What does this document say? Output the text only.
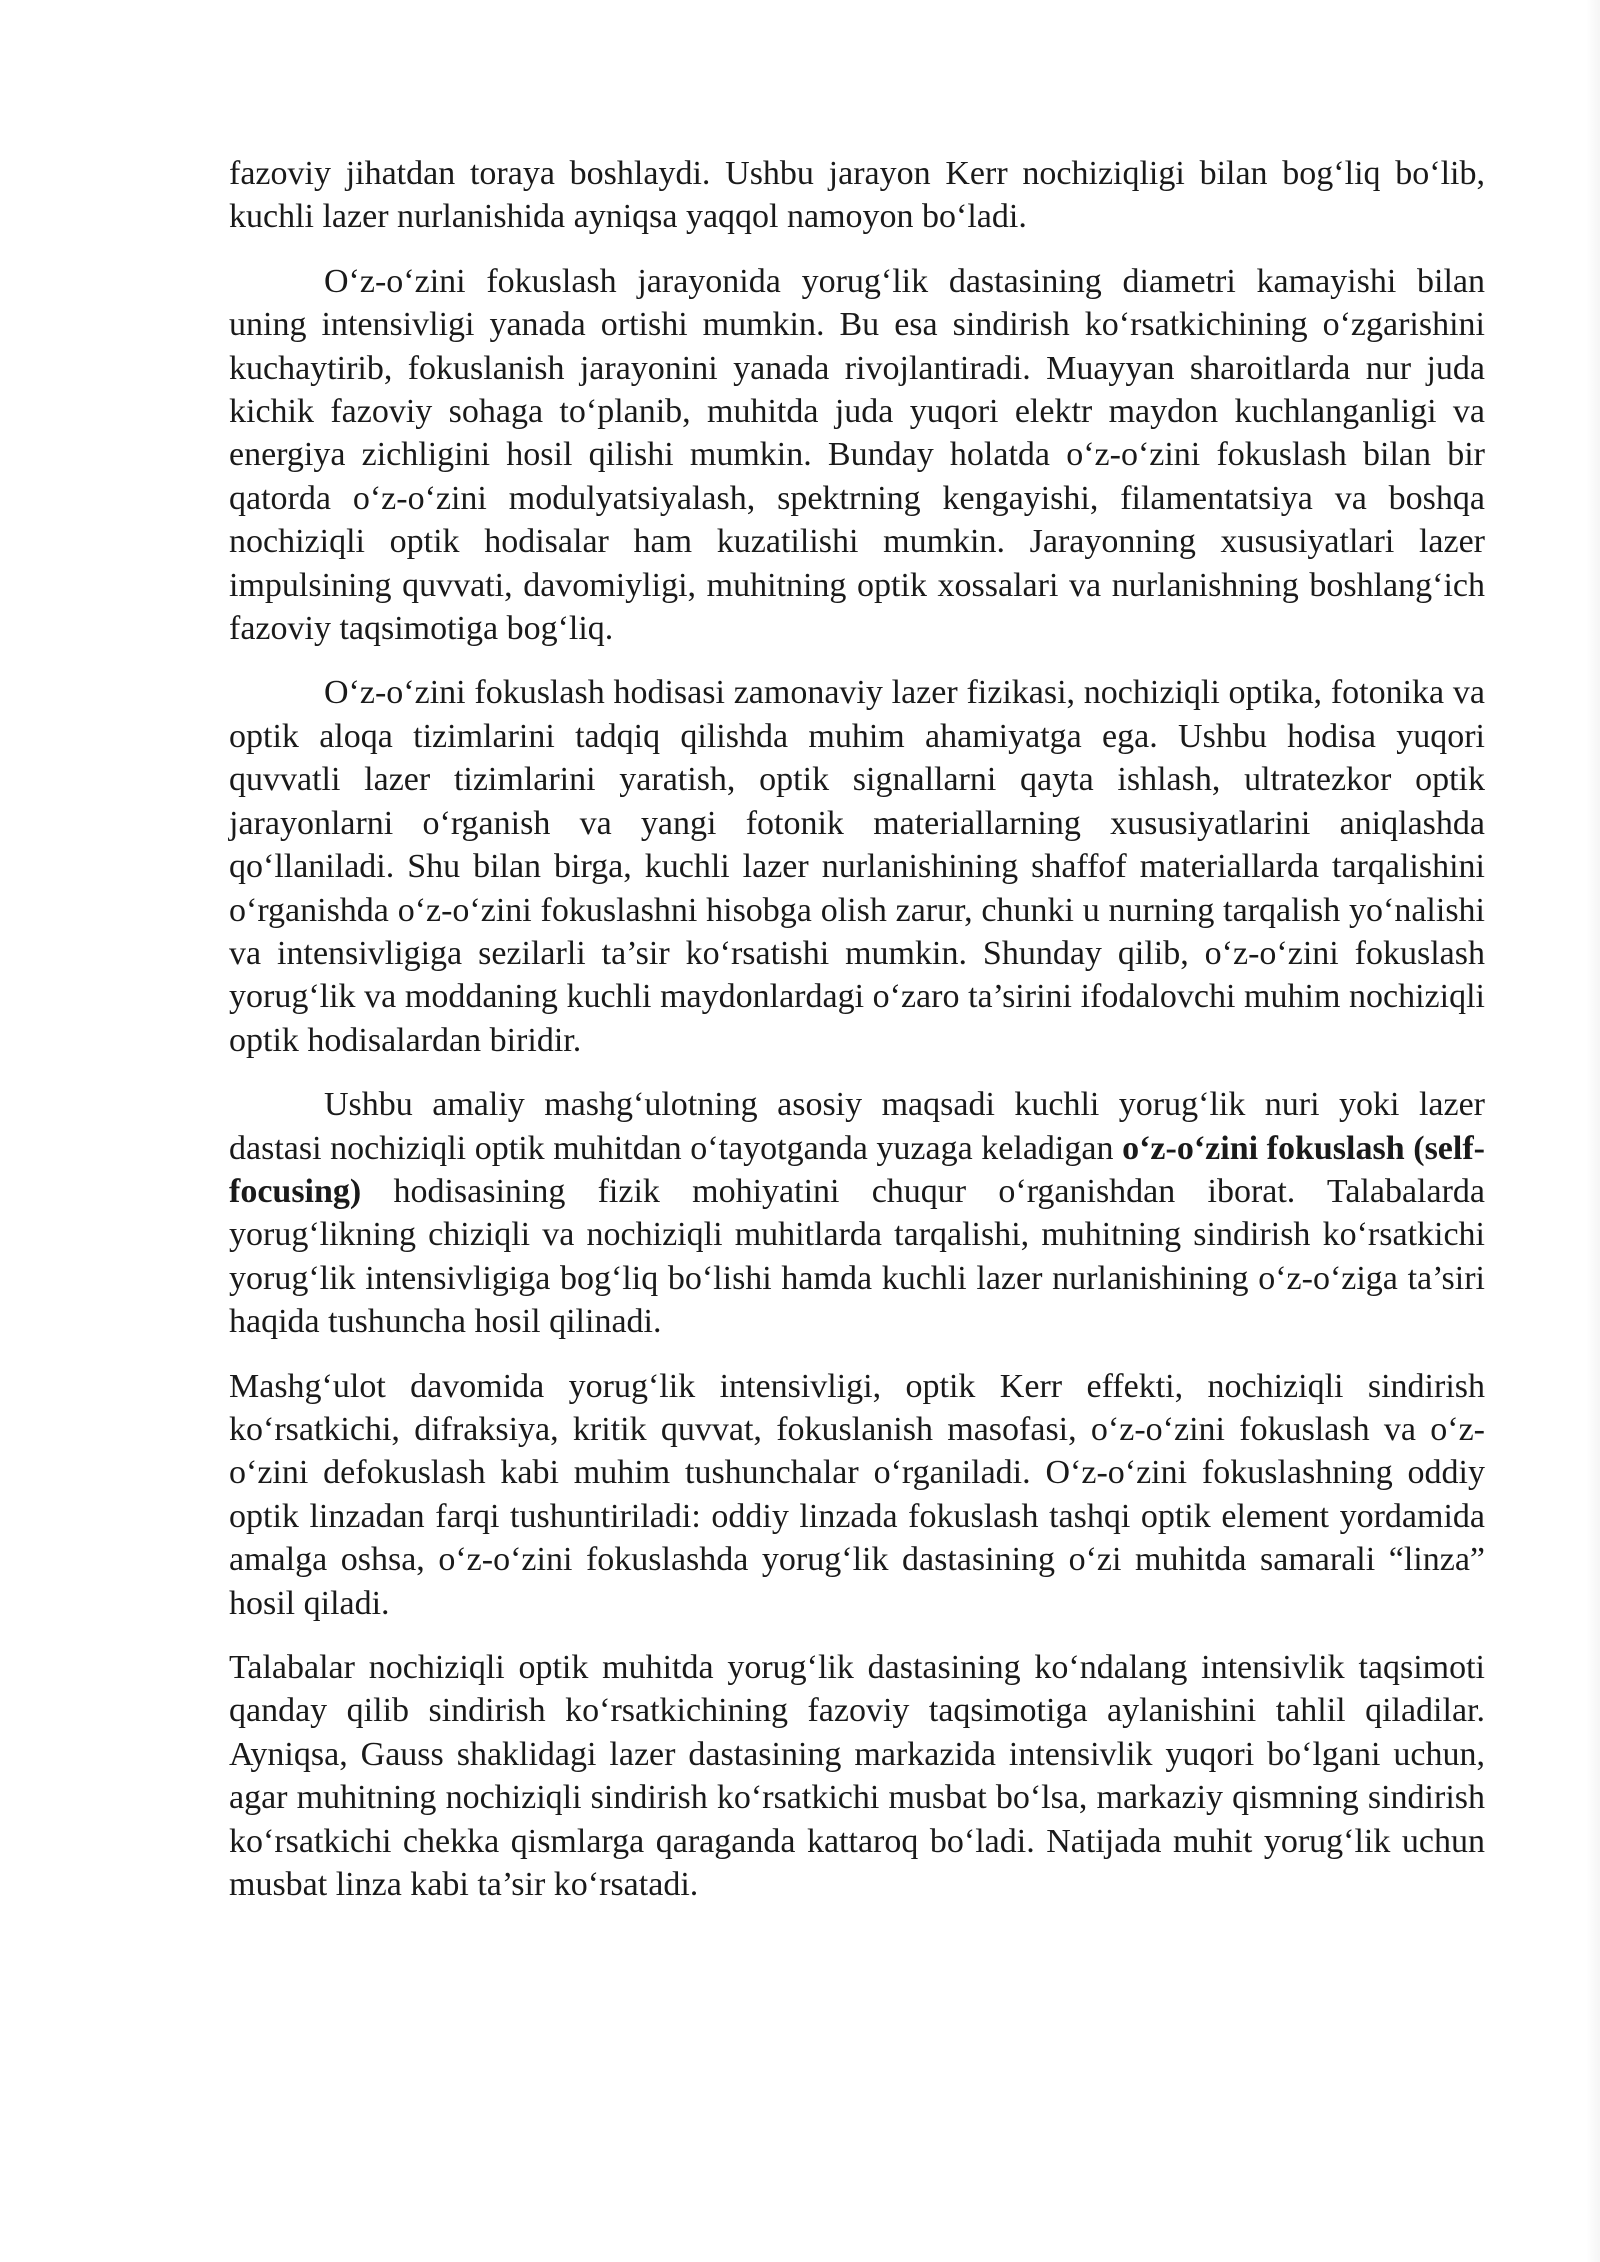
fazoviy jihatdan toraya boshlaydi. Ushbu jarayon Kerr nochiziqligi bilan bog‘liq bo‘lib, kuchli lazer nurlanishida ayniqsa yaqqol namoyon bo‘ladi.

O‘z-o‘zini fokuslash jarayonida yorug‘lik dastasining diametri kamayishi bilan uning intensivligi yanada ortishi mumkin. Bu esa sindirish ko‘rsatkichining o‘zgarishini kuchaytirib, fokuslanish jarayonini yanada rivojlantiradi. Muayyan sharoitlarda nur juda kichik fazoviy sohaga to‘planib, muhitda juda yuqori elektr maydon kuchlanganligi va energiya zichligini hosil qilishi mumkin. Bunday holatda o‘z-o‘zini fokuslash bilan bir qatorda o‘z-o‘zini modulyatsiyalash, spektrning kengayishi, filamentatsiya va boshqa nochiziqli optik hodisalar ham kuzatilishi mumkin. Jarayonning xususiyatlari lazer impulsining quvvati, davomiyligi, muhitning optik xossalari va nurlanishning boshlang‘ich fazoviy taqsimotiga bog‘liq.

O‘z-o‘zini fokuslash hodisasi zamonaviy lazer fizikasi, nochiziqli optika, fotonika va optik aloqa tizimlarini tadqiq qilishda muhim ahamiyatga ega. Ushbu hodisa yuqori quvvatli lazer tizimlarini yaratish, optik signallarni qayta ishlash, ultratezkor optik jarayonlarni o‘rganish va yangi fotonik materiallarning xususiyatlarini aniqlashda qo‘llaniladi. Shu bilan birga, kuchli lazer nurlanishining shaffof materiallarda tarqalishini o‘rganishda o‘z-o‘zini fokuslashni hisobga olish zarur, chunki u nurning tarqalish yo‘nalishi va intensivligiga sezilarli ta’sir ko‘rsatishi mumkin. Shunday qilib, o‘z-o‘zini fokuslash yorug‘lik va moddaning kuchli maydonlardagi o‘zaro ta’sirini ifodalovchi muhim nochiziqli optik hodisalardan biridir.

Ushbu amaliy mashg‘ulotning asosiy maqsadi kuchli yorug‘lik nuri yoki lazer dastasi nochiziqli optik muhitdan o‘tayotganda yuzaga keladigan o‘z-o‘zini fokuslash (self-focusing) hodisasining fizik mohiyatini chuqur o‘rganishdan iborat. Talabalarda yorug‘likning chiziqli va nochiziqli muhitlarda tarqalishi, muhitning sindirish ko‘rsatkichi yorug‘lik intensivligiga bog‘liq bo‘lishi hamda kuchli lazer nurlanishining o‘z-o‘ziga ta’siri haqida tushuncha hosil qilinadi.

Mashg‘ulot davomida yorug‘lik intensivligi, optik Kerr effekti, nochiziqli sindirish ko‘rsatkichi, difraksiya, kritik quvvat, fokuslanish masofasi, o‘z-o‘zini fokuslash va o‘z-o‘zini defokuslash kabi muhim tushunchalar o‘rganiladi. O‘z-o‘zini fokuslashning oddiy optik linzadan farqi tushuntiriladi: oddiy linzada fokuslash tashqi optik element yordamida amalga oshsa, o‘z-o‘zini fokuslashda yorug‘lik dastasining o‘zi muhitda samarali “linza” hosil qiladi.

Talabalar nochiziqli optik muhitda yorug‘lik dastasining ko‘ndalang intensivlik taqsimoti qanday qilib sindirish ko‘rsatkichining fazoviy taqsimotiga aylanishini tahlil qiladilar. Ayniqsa, Gauss shaklidagi lazer dastasining markazida intensivlik yuqori bo‘lgani uchun, agar muhitning nochiziqli sindirish ko‘rsatkichi musbat bo‘lsa, markaziy qismning sindirish ko‘rsatkichi chekka qismlarga qaraganda kattaroq bo‘ladi. Natijada muhit yorug‘lik uchun musbat linza kabi ta’sir ko‘rsatadi.
